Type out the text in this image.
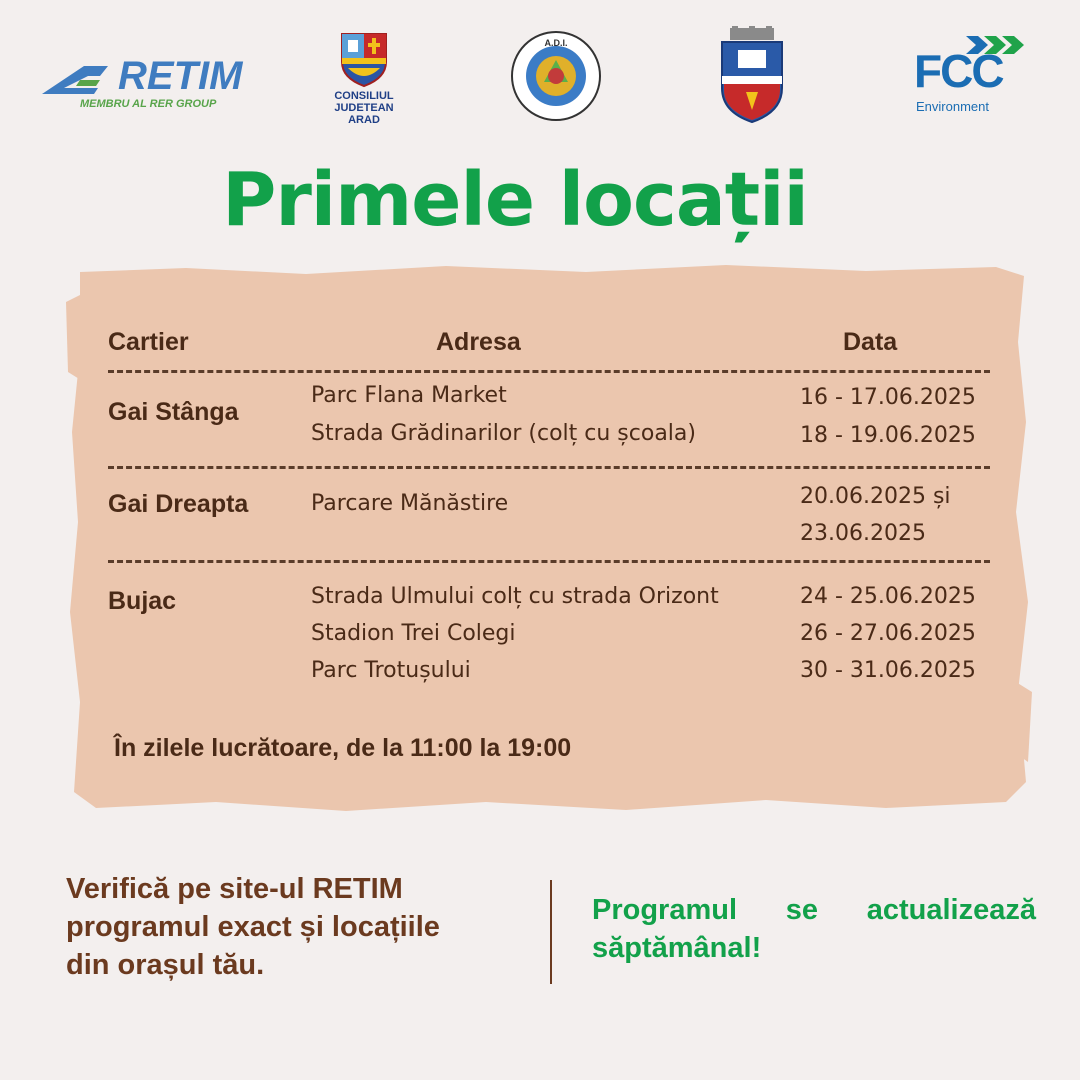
RETIM
MEMBRU AL RER GROUP
CONSILIUL
JUDETEAN
ARAD
A.D.I.
FCC
Environment
Primele locații
Cartier	Adresa	Data
Gai Stânga
Parc Flana Market	16 - 17.06.2025
Strada Grădinarilor (colț cu școala)	18 - 19.06.2025
Gai Dreapta	Parcare Mănăstire	20.06.2025 și
23.06.2025
Bujac	Strada Ulmului colț cu strada Orizont	24 - 25.06.2025
Stadion Trei Colegi	26 - 27.06.2025
Parc Trotușului	30 - 31.06.2025
În zilele lucrătoare, de la 11:00 la 19:00
Verifică pe site-ul RETIM
programul exact și locațiile
din orașul tău.
Programul se actualizează săptămânal!
